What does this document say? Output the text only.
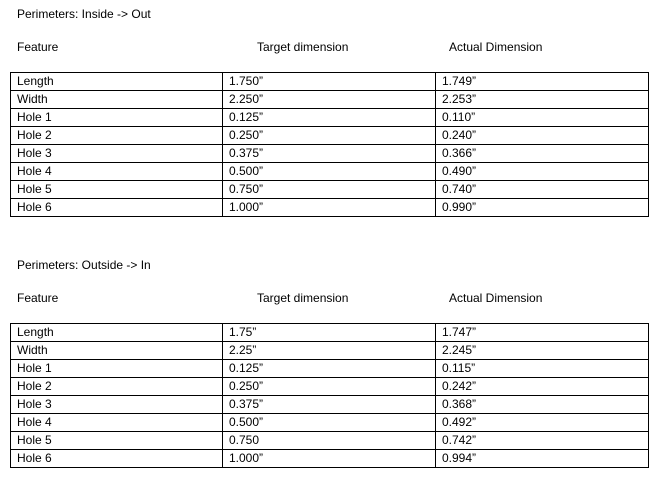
Perimeters: Inside -> Out
Feature	Target dimension	Actual Dimension
Length	1.750”	1.749”
Width	2.250”	2.253”
Hole 1	0.125”	0.110”
Hole 2	0.250”	0.240”
Hole 3	0.375”	0.366”
Hole 4	0.500”	0.490”
Hole 5	0.750”	0.740”
Hole 6	1.000”	0.990”
Perimeters: Outside -> In
Feature	Target dimension	Actual Dimension
Length	1.75”	1.747”
Width	2.25”	2.245”
Hole 1	0.125”	0.115”
Hole 2	0.250”	0.242”
Hole 3	0.375”	0.368”
Hole 4	0.500”	0.492”
Hole 5	0.750	0.742”
Hole 6	1.000”	0.994”
